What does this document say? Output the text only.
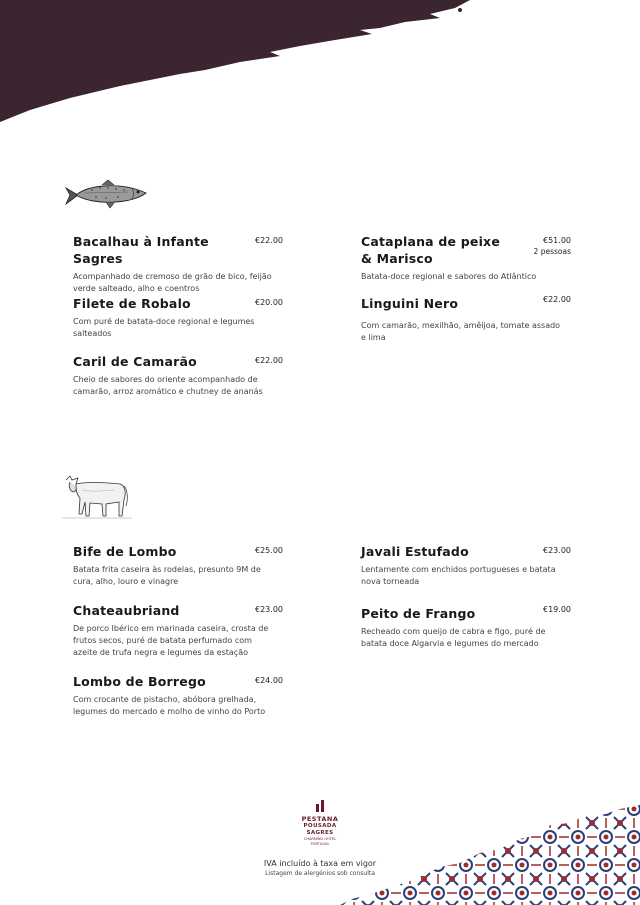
Bacalhau à Infante Sagres
€22.00
Acompanhado de cremoso de grão de bico, feijão verde salteado, alho e coentros
Filete de Robalo	€20.00
Com puré de batata-doce regional e legumes salteados
Caril de Camarão	€22.00
Cheio de sabores do oriente acompanhado de camarão, arroz aromático e chutney de ananás
Cataplana de peixe & Marisco
€51.00
2 pessoas
Batata-doce regional e sabores do Atlântico
Linguini Nero	€22.00
Com camarão, mexilhão, amêijoa, tomate assado e lima
Bife de Lombo	€25.00
Batata frita caseira às rodelas, presunto 9M de cura, alho, louro e vinagre
Chateaubriand	€23.00
De porco Ibérico em marinada caseira, crosta de frutos secos, puré de batata perfumado com azeite de trufa negra e legumes da estação
Lombo de Borrego	€24.00
Com crocante de pistacho, abóbora grelhada, legumes do mercado e molho de vinho do Porto
Javali Estufado	€23.00
Lentamente com enchidos portugueses e batata nova torneada
Peito de Frango	€19.00
Recheado com queijo de cabra e figo, puré de batata doce Algarvia e legumes do mercado
PESTANA
POUSADA
SAGRES
CHARMING HOTEL
PORTUGAL
IVA incluído à taxa em vigor
Listagem de alergénios sob consulta
